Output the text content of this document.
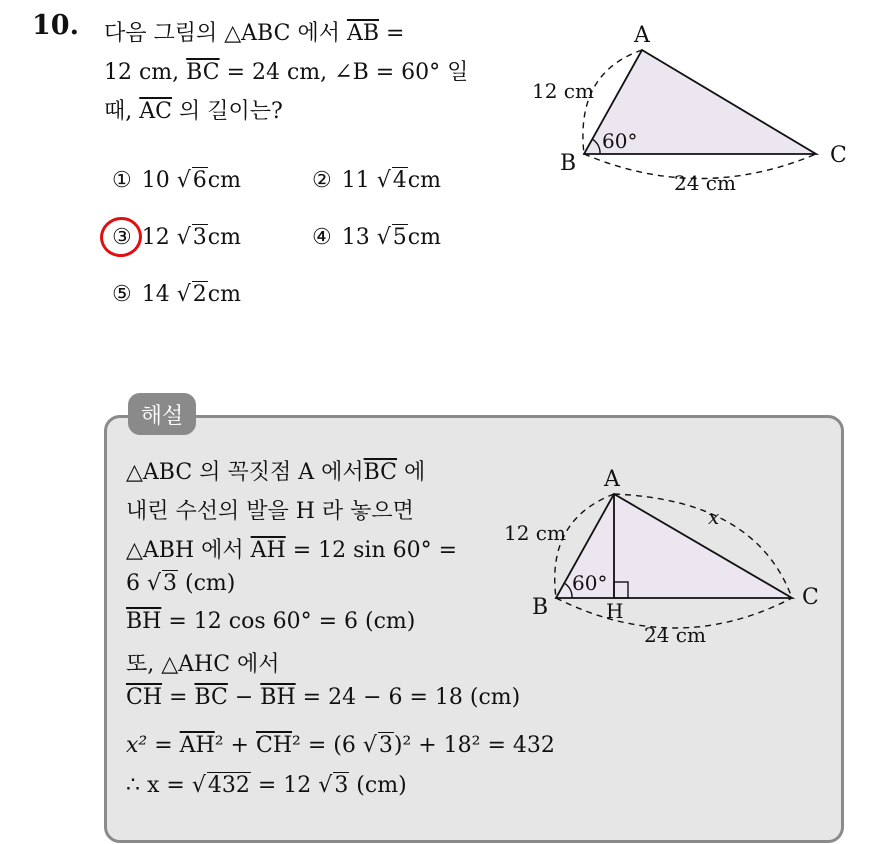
10. 다음 그림의 △ABC 에서 $\overline{AB}$ =
12 cm, $\overline{BC} = 24$ cm, ∠B = 60° 일
때, $\overline{AC}$ 의 길이는?
A
B	C
12 cm
24 cm
60°
① 10 √6cm	② 11 √4cm
③ 12 √3cm	④ 13 √5cm
⑤ 14 √2cm
해설
△ABC 의 꼭짓점 A 에서$\overline{BC}$ 에
내린 수선의 발을 H 라 놓으면
△ABH 에서 $\overline{AH} = 12$ sin 60° =
6 √3 (cm)
$\overline{BH} = 12$ cos 60° = 6 (cm)
또, △AHC 에서
$\overline{CH} = \overline{BC} - \overline{BH} = 24 - 6 = 18$ (cm)
$x^2 = \overline{AH}^2 + \overline{CH}^2 = (6$ √3)² + 18² = 432
∴ x = √432 = 12 √3 (cm)
A
B	C
H
x
12 cm
24 cm
60°
